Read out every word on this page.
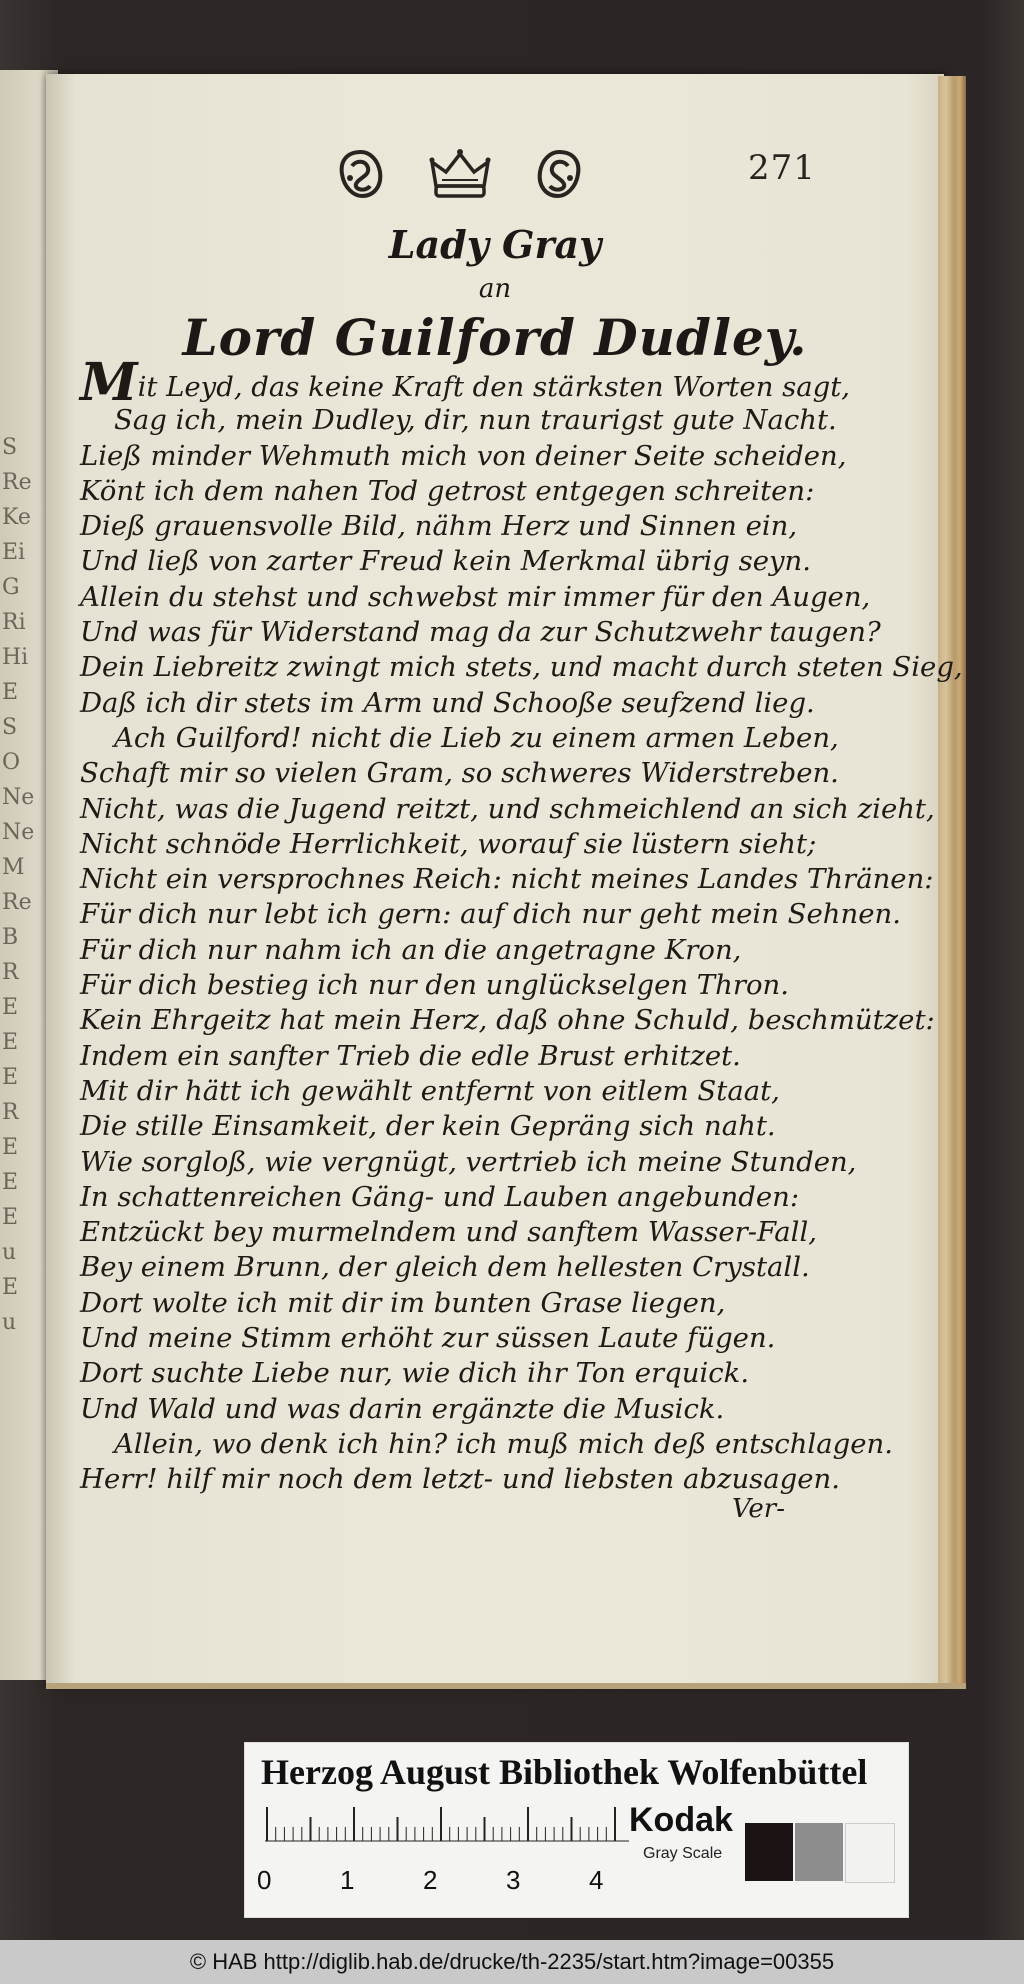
S
Re
Ke
Ei
G
Ri
Hi
E
S
O
Ne
Ne
M
Re
B
R
E
E
E
R
E
E
E
u
E
u
271
Lady Gray
an
Lord Guilford Dudley.
Mit Leyd, das keine Kraft den stärksten Worten sagt,
Sag ich, mein Dudley, dir, nun traurigst gute Nacht.
Ließ minder Wehmuth mich von deiner Seite scheiden,
Könt ich dem nahen Tod getrost entgegen schreiten:
Dieß grauensvolle Bild, nähm Herz und Sinnen ein,
Und ließ von zarter Freud kein Merkmal übrig seyn.
Allein du stehst und schwebst mir immer für den Augen,
Und was für Widerstand mag da zur Schutzwehr taugen?
Dein Liebreitz zwingt mich stets, und macht durch steten Sieg,
Daß ich dir stets im Arm und Schooße seufzend lieg.
Ach Guilford! nicht die Lieb zu einem armen Leben,
Schaft mir so vielen Gram, so schweres Widerstreben.
Nicht, was die Jugend reitzt, und schmeichlend an sich zieht,
Nicht schnöde Herrlichkeit, worauf sie lüstern sieht;
Nicht ein versprochnes Reich: nicht meines Landes Thränen:
Für dich nur lebt ich gern: auf dich nur geht mein Sehnen.
Für dich nur nahm ich an die angetragne Kron,
Für dich bestieg ich nur den unglückselgen Thron.
Kein Ehrgeitz hat mein Herz, daß ohne Schuld, beschmützet:
Indem ein sanfter Trieb die edle Brust erhitzet.
Mit dir hätt ich gewählt entfernt von eitlem Staat,
Die stille Einsamkeit, der kein Gepräng sich naht.
Wie sorgloß, wie vergnügt, vertrieb ich meine Stunden,
In schattenreichen Gäng- und Lauben angebunden:
Entzückt bey murmelndem und sanftem Wasser-Fall,
Bey einem Brunn, der gleich dem hellesten Crystall.
Dort wolte ich mit dir im bunten Grase liegen,
Und meine Stimm erhöht zur süssen Laute fügen.
Dort suchte Liebe nur, wie dich ihr Ton erquick.
Und Wald und was darin ergänzte die Musick.
Allein, wo denk ich hin? ich muß mich deß entschlagen.
Herr! hilf mir noch dem letzt- und liebsten abzusagen.
Ver-
Herzog August Bibliothek Wolfenbüttel
0	1	2	3	4
Kodak
Gray Scale
© HAB http://diglib.hab.de/drucke/th-2235/start.htm?image=00355
